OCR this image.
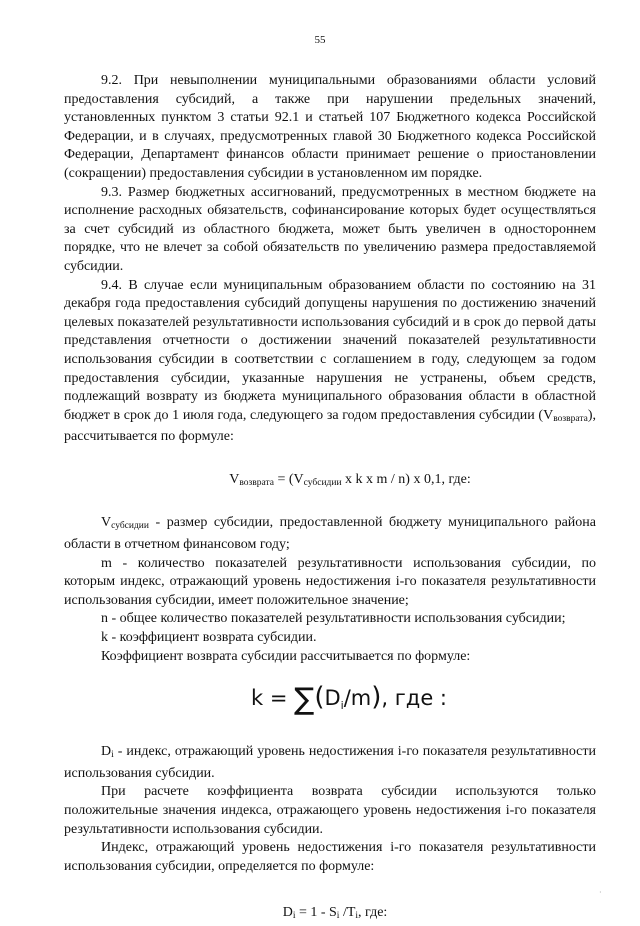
55

9.2. При невыполнении муниципальными образованиями области условий предоставления субсидий, а также при нарушении предельных значений, установленных пунктом 3 статьи 92.1 и статьей 107 Бюджетного кодекса Российской Федерации, и в случаях, предусмотренных главой 30 Бюджетного кодекса Российской Федерации, Департамент финансов области принимает решение о приостановлении (сокращении) предоставления субсидии в установленном им порядке.

9.3. Размер бюджетных ассигнований, предусмотренных в местном бюджете на исполнение расходных обязательств, софинансирование которых будет осуществляться за счет субсидий из областного бюджета, может быть увеличен в одностороннем порядке, что не влечет за собой обязательств по увеличению размера предоставляемой субсидии.

9.4. В случае если муниципальным образованием области по состоянию на 31 декабря года предоставления субсидий допущены нарушения по достижению значений целевых показателей результативности использования субсидий и в срок до первой даты представления отчетности о достижении значений показателей результативности использования субсидии в соответствии с соглашением в году, следующем за годом предоставления субсидии, указанные нарушения не устранены, объем средств, подлежащий возврату из бюджета муниципального образования области в областной бюджет в срок до 1 июля года, следующего за годом предоставления субсидии $(V_{возврата})$, рассчитывается по формуле:

$V_{возврата} = (V_{субсидии}$ x k x m / n) x 0,1, где:

$V_{субсидии}$ - размер субсидии, предоставленной бюджету муниципального района области в отчетном финансовом году;

m - количество показателей результативности использования субсидии, по которым индекс, отражающий уровень недостижения i-го показателя результативности использования субсидии, имеет положительное значение;

n - общее количество показателей результативности использования субсидии;

k - коэффициент возврата субсидии.

Коэффициент возврата субсидии рассчитывается по формуле:

k = ∑(Di/m), где :

$D_i$ - индекс, отражающий уровень недостижения i-го показателя результативности использования субсидии.

При расчете коэффициента возврата субсидии используются только положительные значения индекса, отражающего уровень недостижения i-го показателя результативности использования субсидии.

Индекс, отражающий уровень недостижения i-го показателя результативности использования субсидии, определяется по формуле:

$D_i = 1 - S_i$ $/T_i$, где:

·
